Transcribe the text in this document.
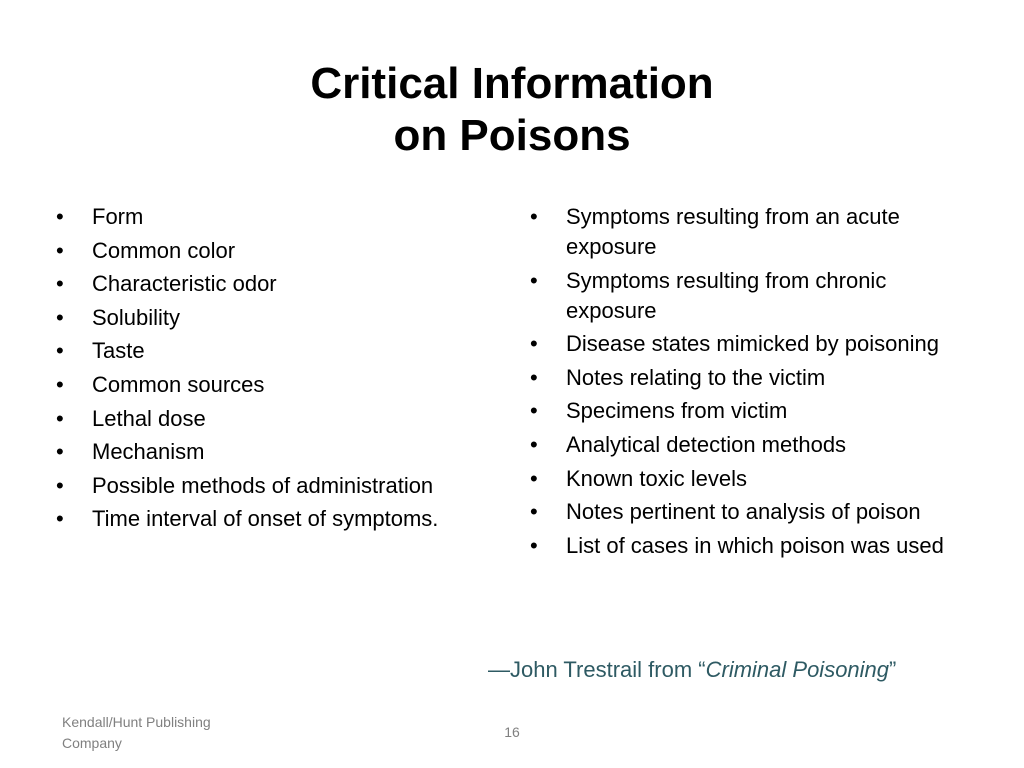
Critical Information
on Poisons
• Form
• Common color
• Characteristic odor
• Solubility
• Taste
• Common sources
• Lethal dose
• Mechanism
• Possible methods of administration
• Time interval of onset of symptoms.
• Symptoms resulting from an acute exposure
• Symptoms resulting from chronic exposure
• Disease states mimicked by poisoning
• Notes relating to the victim
• Specimens from victim
• Analytical detection methods
• Known toxic levels
• Notes pertinent to analysis of poison
• List of cases in which poison was used
—John Trestrail from “Criminal Poisoning”
Kendall/Hunt Publishing Company
16
